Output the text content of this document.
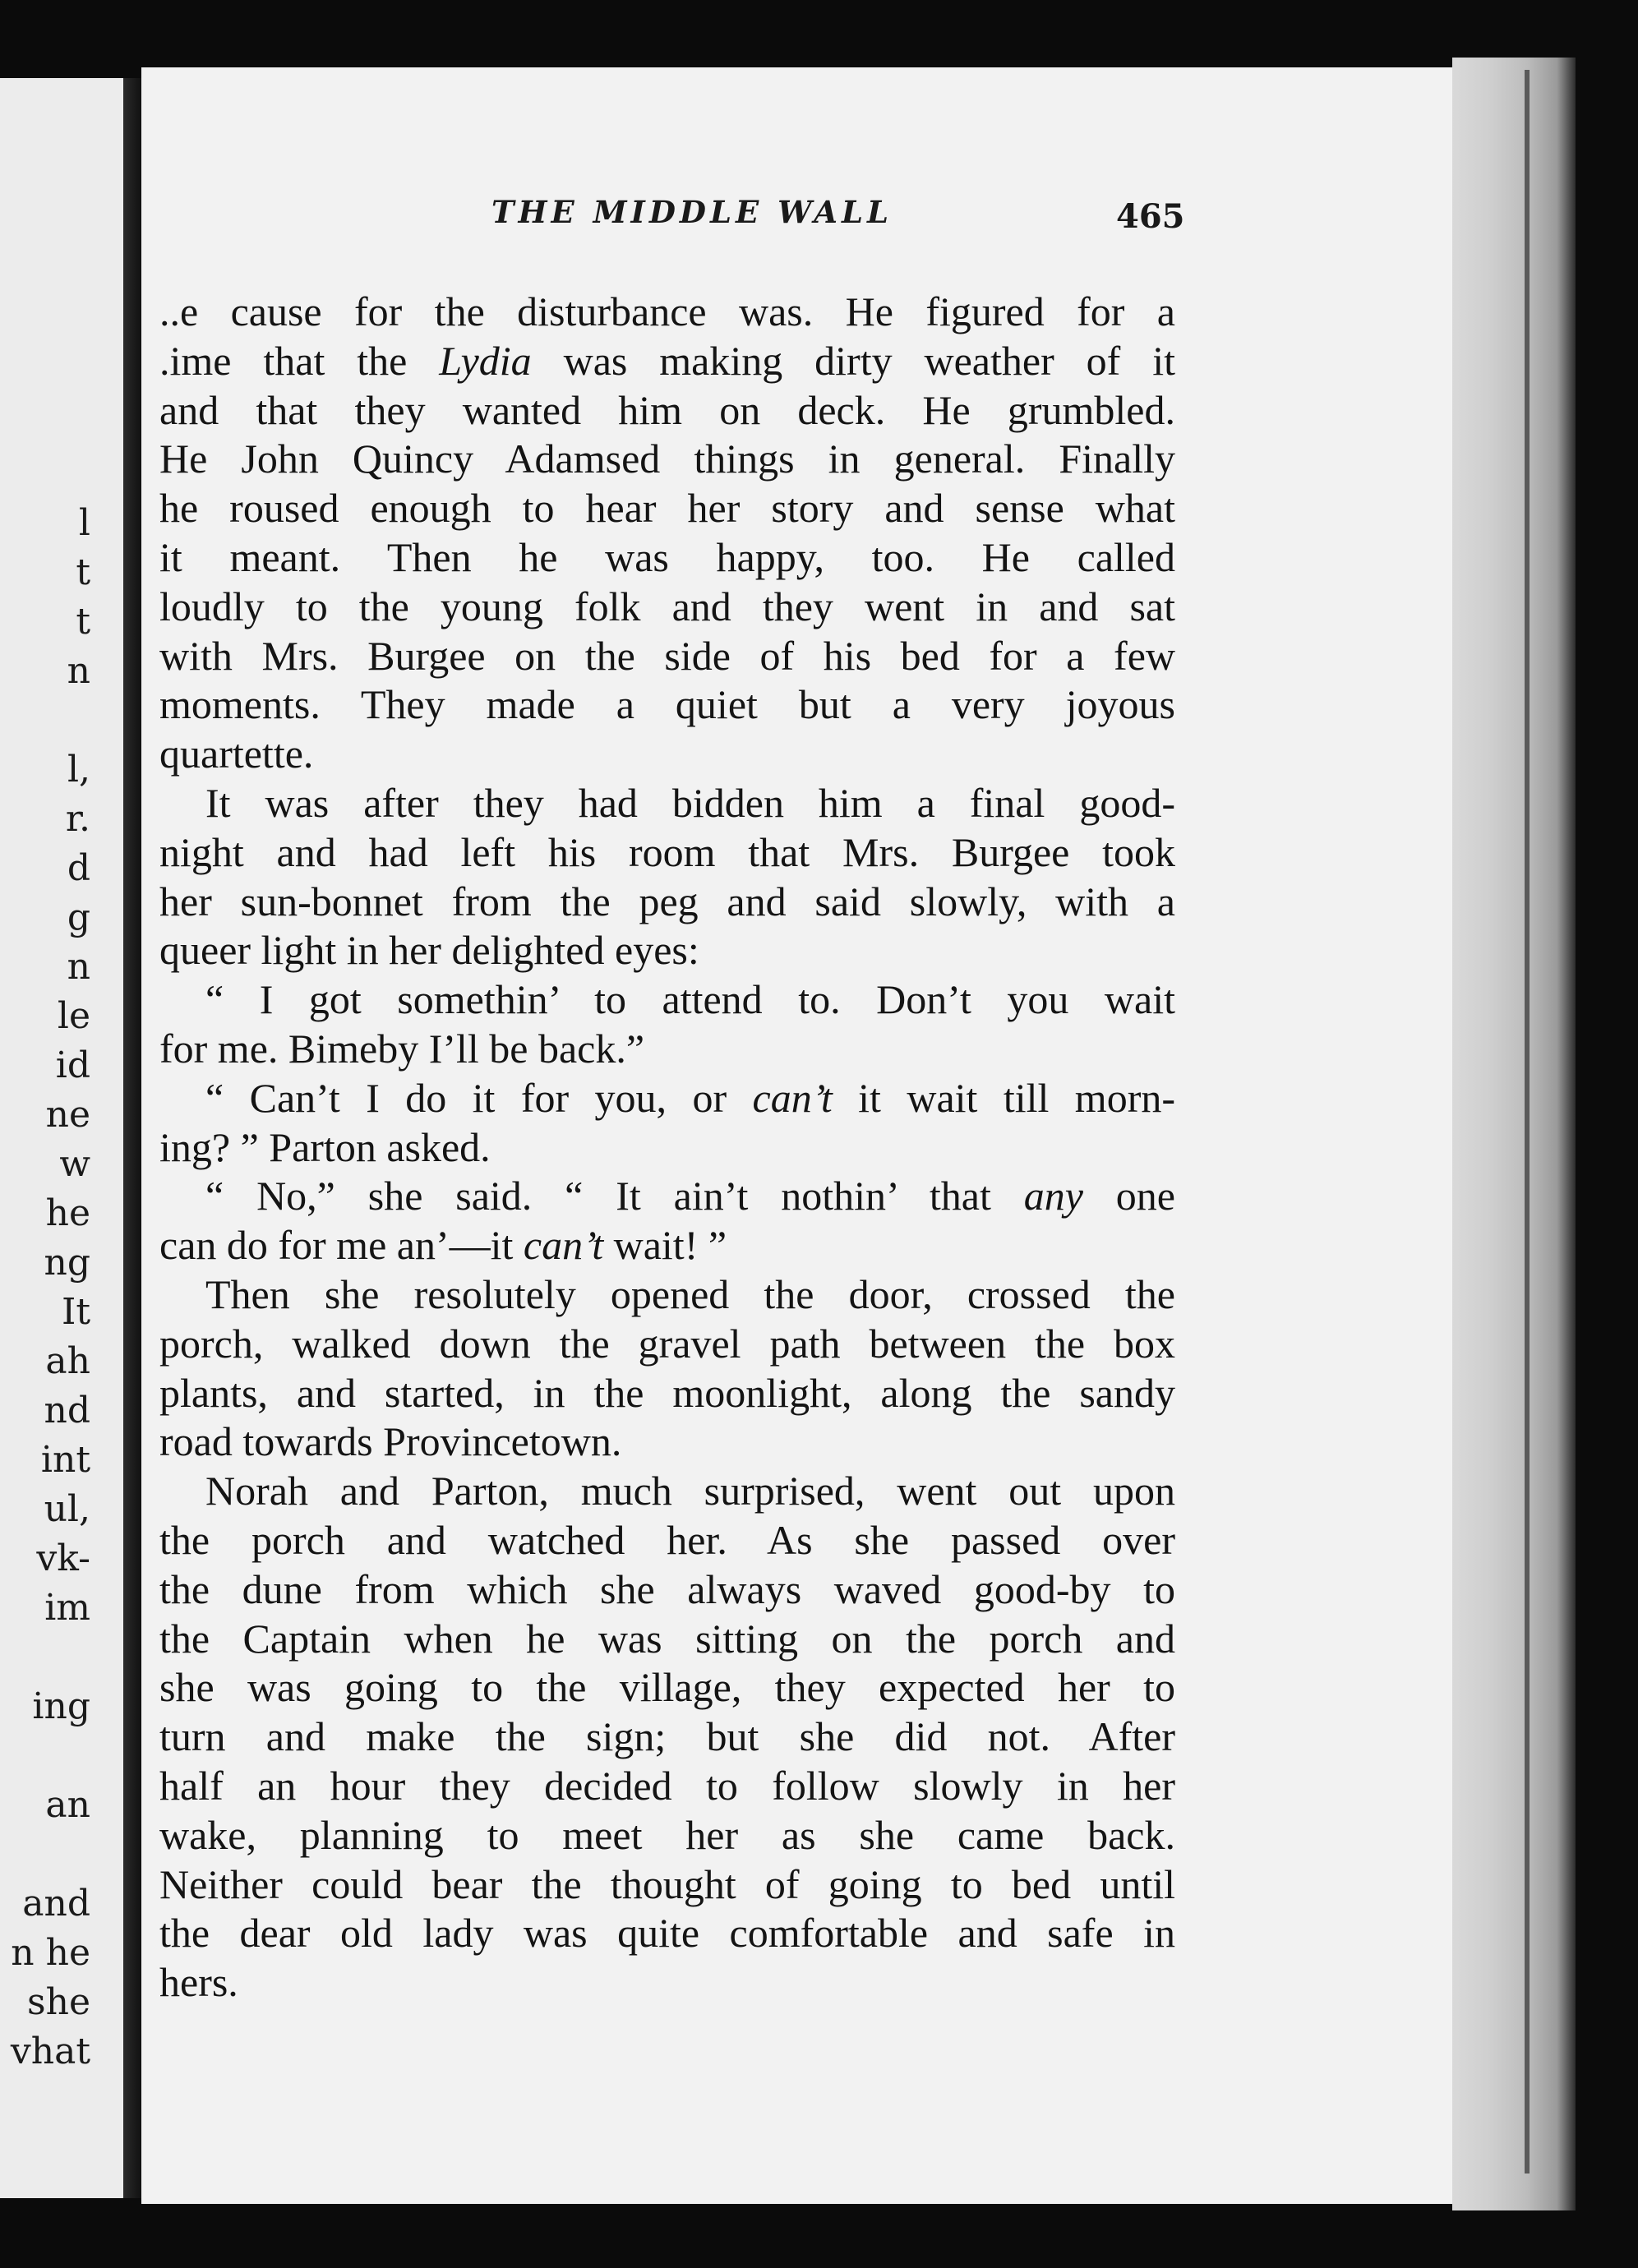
l
t
t
n
l,
r.
d
g
n
le
id
ne
w
he
ng
It
ah
nd
int
ul,
vk-
im
ing
an
and
n he
she
vhat
THE MIDDLE WALL	465
..e cause for the disturbance was. He figured for a
.ime that the Lydia was making dirty weather of it
and that they wanted him on deck. He grumbled.
He John Quincy Adamsed things in general. Finally
he roused enough to hear her story and sense what
it meant. Then he was happy, too. He called
loudly to the young folk and they went in and sat
with Mrs. Burgee on the side of his bed for a few
moments. They made a quiet but a very joyous
quartette.
It was after they had bidden him a final good-
night and had left his room that Mrs. Burgee took
her sun-bonnet from the peg and said slowly, with a
queer light in her delighted eyes:
“ I got somethin’ to attend to. Don’t you wait
for me. Bimeby I’ll be back.”
“ Can’t I do it for you, or can’t it wait till morn-
ing? ” Parton asked.
“ No,” she said. “ It ain’t nothin’ that any one
can do for me an’—it can’t wait! ”
Then she resolutely opened the door, crossed the
porch, walked down the gravel path between the box
plants, and started, in the moonlight, along the sandy
road towards Provincetown.
Norah and Parton, much surprised, went out upon
the porch and watched her. As she passed over
the dune from which she always waved good-by to
the Captain when he was sitting on the porch and
she was going to the village, they expected her to
turn and make the sign; but she did not. After
half an hour they decided to follow slowly in her
wake, planning to meet her as she came back.
Neither could bear the thought of going to bed until
the dear old lady was quite comfortable and safe in
hers.
